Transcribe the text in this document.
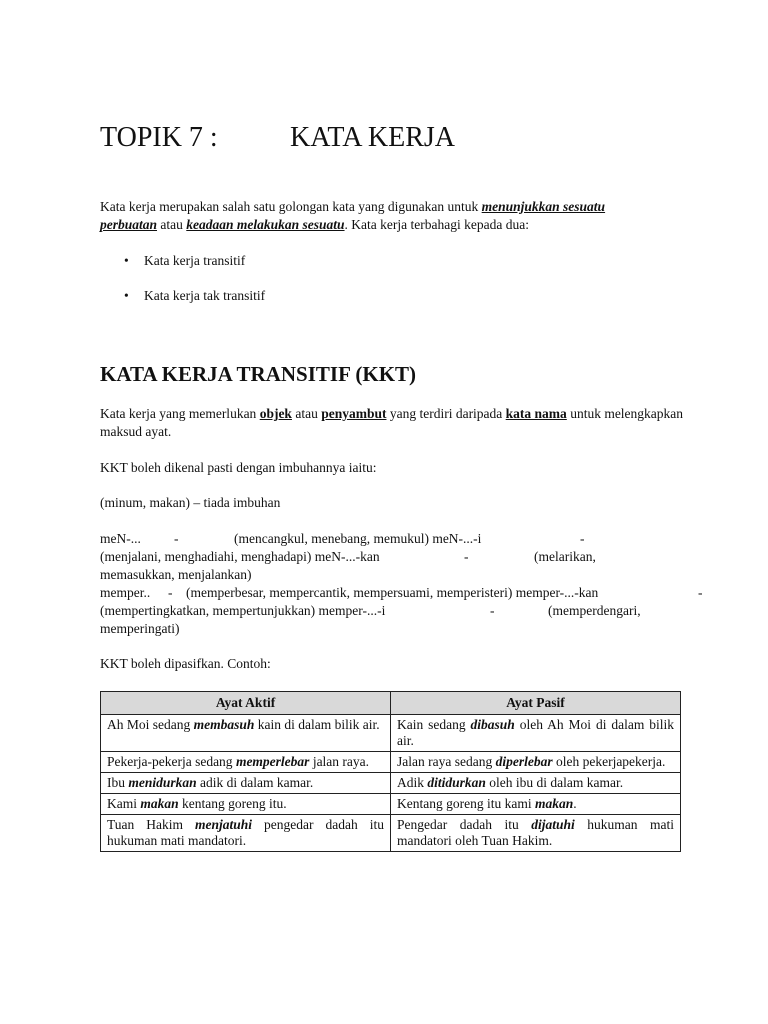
TOPIK 7 :	KATA KERJA

Kata kerja merupakan salah satu golongan kata yang digunakan untuk menunjukkan sesuatu
perbuatan atau keadaan melakukan sesuatu. Kata kerja terbahagi kepada dua:

• Kata kerja transitif
• Kata kerja tak transitif
KATA KERJA TRANSITIF (KKT)

Kata kerja yang memerlukan objek atau penyambut yang terdiri daripada kata nama untuk melengkapkan
maksud ayat.

KKT boleh dikenal pasti dengan imbuhannya iaitu:

(minum, makan) – tiada imbuhan

meN-... -	(mencangkul, menebang, memukul) meN-...-i	-
(menjalani, menghadiahi, menghadapi) meN-...-kan	-	(melarikan,
memasukkan, menjalankan)
memper.. - (memperbesar, mempercantik, mempersuami, memperisteri) memper-...-kan	-
(mempertingkatkan, mempertunjukkan) memper-...-i	-	(memperdengari,
memperingati)

KKT boleh dipasifkan. Contoh:

Ayat Aktif	Ayat Pasif
Ah Moi sedang membasuh kain di dalam bilik air.	Kain sedang dibasuh oleh Ah Moi di dalam bilik air.
Pekerja-pekerja sedang memperlebar jalan raya.	Jalan raya sedang diperlebar oleh pekerjapekerja.
Ibu menidurkan adik di dalam kamar.	Adik ditidurkan oleh ibu di dalam kamar.
Kami makan kentang goreng itu.	Kentang goreng itu kami makan.
Tuan Hakim menjatuhi pengedar dadah itu hukuman mati mandatori.	Pengedar dadah itu dijatuhi hukuman mati mandatori oleh Tuan Hakim.
